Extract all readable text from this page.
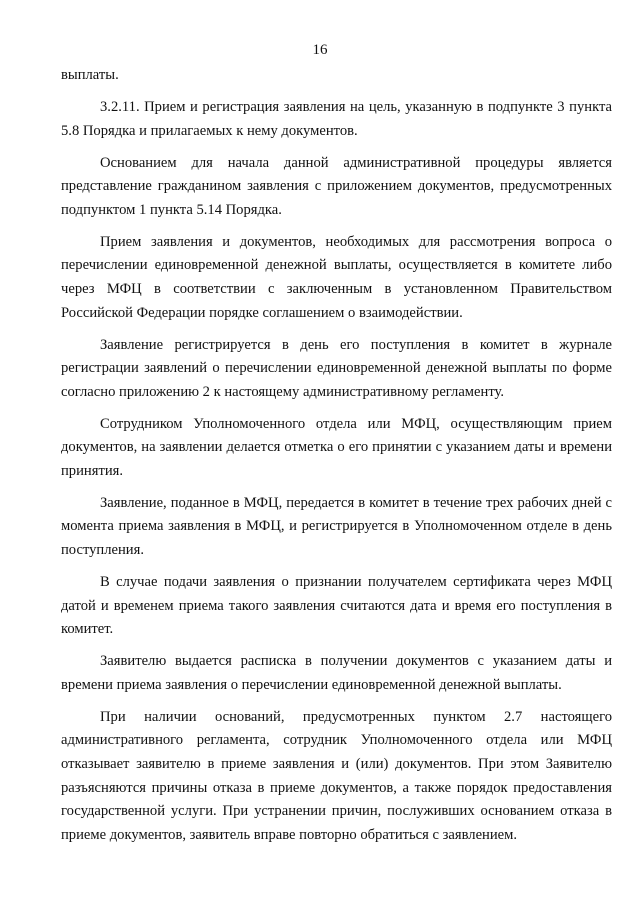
16

выплаты.

3.2.11. Прием и регистрация заявления на цель, указанную в подпункте 3 пункта 5.8 Порядка и прилагаемых к нему документов.

Основанием для начала данной административной процедуры является представление гражданином заявления с приложением документов, предусмотренных подпунктом 1 пункта 5.14 Порядка.

Прием заявления и документов, необходимых для рассмотрения вопроса о перечислении единовременной денежной выплаты, осуществляется в комитете либо через МФЦ в соответствии с заключенным в установленном Правительством Российской Федерации порядке соглашением о взаимодействии.

Заявление регистрируется в день его поступления в комитет в журнале регистрации заявлений о перечислении единовременной денежной выплаты по форме согласно приложению 2 к настоящему административному регламенту.

Сотрудником Уполномоченного отдела или МФЦ, осуществляющим прием документов, на заявлении делается отметка о его принятии с указанием даты и времени принятия.

Заявление, поданное в МФЦ, передается в комитет в течение трех рабочих дней с момента приема заявления в МФЦ, и регистрируется в Уполномоченном отделе в день поступления.

В случае подачи заявления о признании получателем сертификата через МФЦ датой и временем приема такого заявления считаются дата и время его поступления в комитет.

Заявителю выдается расписка в получении документов с указанием даты и времени приема заявления о перечислении единовременной денежной выплаты.

При наличии оснований, предусмотренных пунктом 2.7 настоящего административного регламента, сотрудник Уполномоченного отдела или МФЦ отказывает заявителю в приеме заявления и (или) документов. При этом Заявителю разъясняются причины отказа в приеме документов, а также порядок предоставления государственной услуги. При устранении причин, послуживших основанием отказа в приеме документов, заявитель вправе повторно обратиться с заявлением.
